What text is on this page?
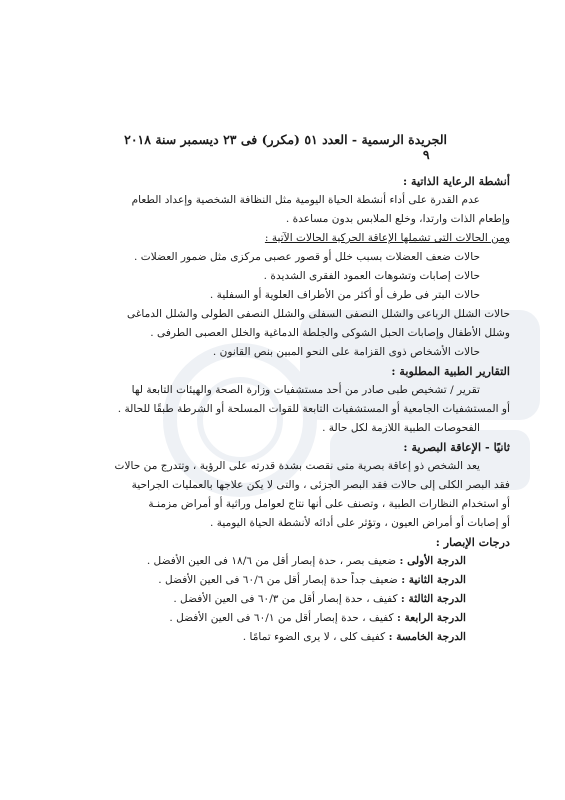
الجريدة الرسمية - العدد ٥١ (مكرر) فى ٢٣ ديسمبر سنة ٢٠١٨     ٩

أنشطة الرعاية الذاتية :

عدم القدرة على أداء أنشطة الحياة اليومية مثل النظافة الشخصية وإعداد الطعام

وإطعام الذات وارتدا، وخلع الملابس بدون مساعدة .

ومن الحالات التى تشملها الإعاقة الحركية الحالات الآتية :

حالات ضعف العضلات بسبب خلل أو قصور عصبى مركزى مثل ضمور العضلات .

حالات إصابات وتشوهات العمود الفقرى الشديدة .

حالات البتر فى طرف أو أكثر من الأطراف العلوية أو السفلية .

حالات الشلل الرباعى والشلل النصفى السفلى والشلل النصفى الطولى والشلل الدماغى

وشلل الأطفال وإصابات الحبل الشوكى والجلطة الدماغية والخلل العصبى الطرفى .

حالات الأشخاص ذوى القزامة على النحو المبين بنص القانون .

التقارير الطبية المطلوبة :

تقرير / تشخيص طبى صادر من أحد مستشفيات وزارة الصحة والهيئات التابعة لها

أو المستشفيات الجامعية أو المستشفيات التابعة للقوات المسلحة أو الشرطة طبقًا للحالة .

الفحوصات الطبية اللازمة لكل حالة .

ثانيًا - الإعاقة البصرية :

يعد الشخص ذو إعاقة بصرية متى نقصت بشدة قدرته على الرؤية ، وتتدرج من حالات

فقد البصر الكلى إلى حالات فقد البصر الجزئى ، والتى لا يكن علاجها بالعمليات الجراحية

أو استخدام النظارات الطبية ، وتصنف على أنها نتاج لعوامل وراثية أو أمراض مزمنـة

أو إصابات أو أمراض العيون ، وتؤثر على أدائه لأنشطة الحياة اليومية .

درجات الإبصار :

الدرجة الأولى : ضعيف بصر ، حدة إبصار أقل من ١٨/٦ فى العين الأفضل .

الدرجة الثانية : ضعيف جداً حدة إبصار أقل من ٦٠/٦ فى العين الأفضل .

الدرجة الثالثة : كفيف ، حدة إبصار أقل من ٦٠/٣ فى العين الأفضل .

الدرجة الرابعة : كفيف ، حدة إبصار أقل من ٦٠/١ فى العين الأفضل .

الدرجة الخامسة : كفيف كلى ، لا يرى الضوء تمامًا .
